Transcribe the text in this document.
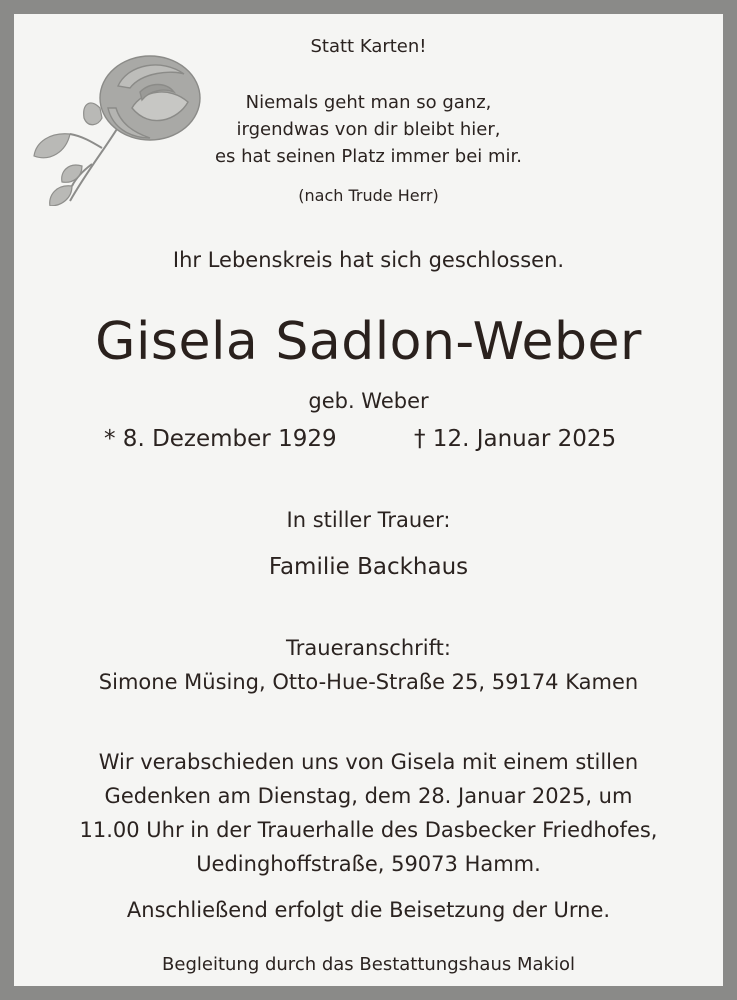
Statt Karten!
Niemals geht man so ganz,
irgendwas von dir bleibt hier,
es hat seinen Platz immer bei mir.
(nach Trude Herr)
Ihr Lebenskreis hat sich geschlossen.
Gisela Sadlon-Weber
geb. Weber
* 8. Dezember 1929	† 12. Januar 2025
In stiller Trauer:
Familie Backhaus
Traueranschrift:
Simone Müsing, Otto-Hue-Straße 25, 59174 Kamen
Wir verabschieden uns von Gisela mit einem stillen
Gedenken am Dienstag, dem 28. Januar 2025, um
11.00 Uhr in der Trauerhalle des Dasbecker Friedhofes,
Uedinghoffstraße, 59073 Hamm.
Anschließend erfolgt die Beisetzung der Urne.
Begleitung durch das Bestattungshaus Makiol
